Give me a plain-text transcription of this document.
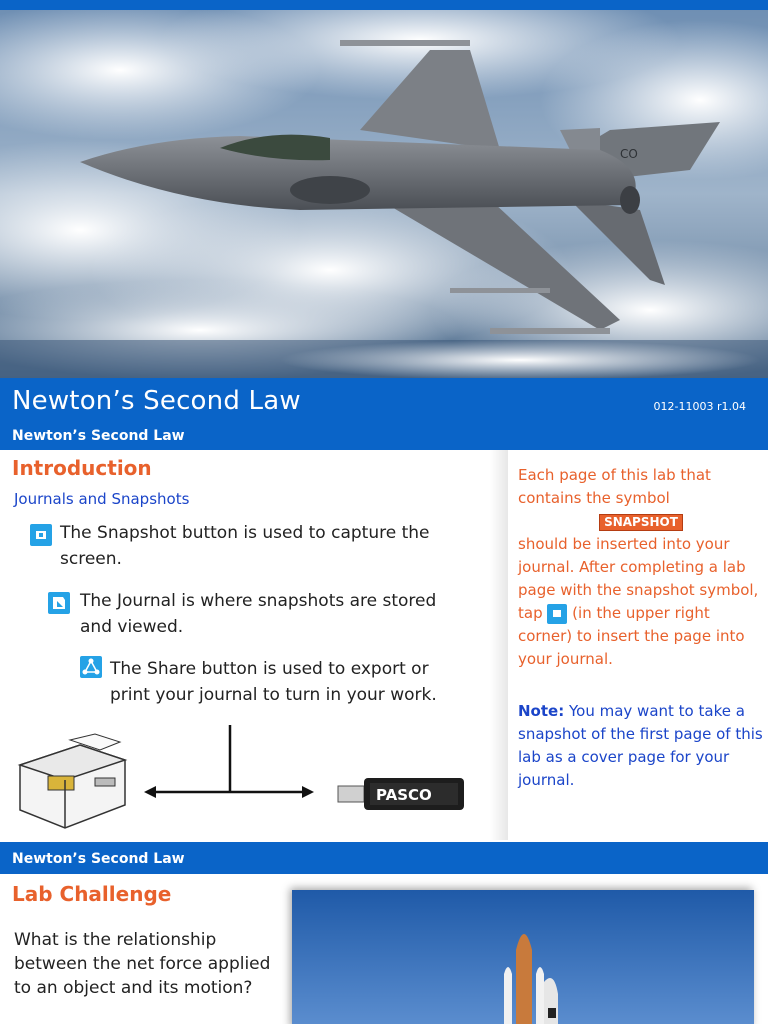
CO
Newton’s Second Law	012-11003 r1.04
Newton’s Second Law
Introduction
Journals and Snapshots
The Snapshot button is used to capture the screen.
The Journal is where snapshots are stored and viewed.
The Share button is used to export or print your journal to turn in your work.
PASCO
Each page of this lab that contains the symbol
SNAPSHOT
should be inserted into your journal. After completing a lab page with the snapshot symbol, tap (in the upper right corner) to insert the page into your journal.
Note: You may want to take a snapshot of the first page of this lab as a cover page for your journal.
Newton’s Second Law
Lab Challenge
What is the relationship between the net force applied to an object and its motion?
